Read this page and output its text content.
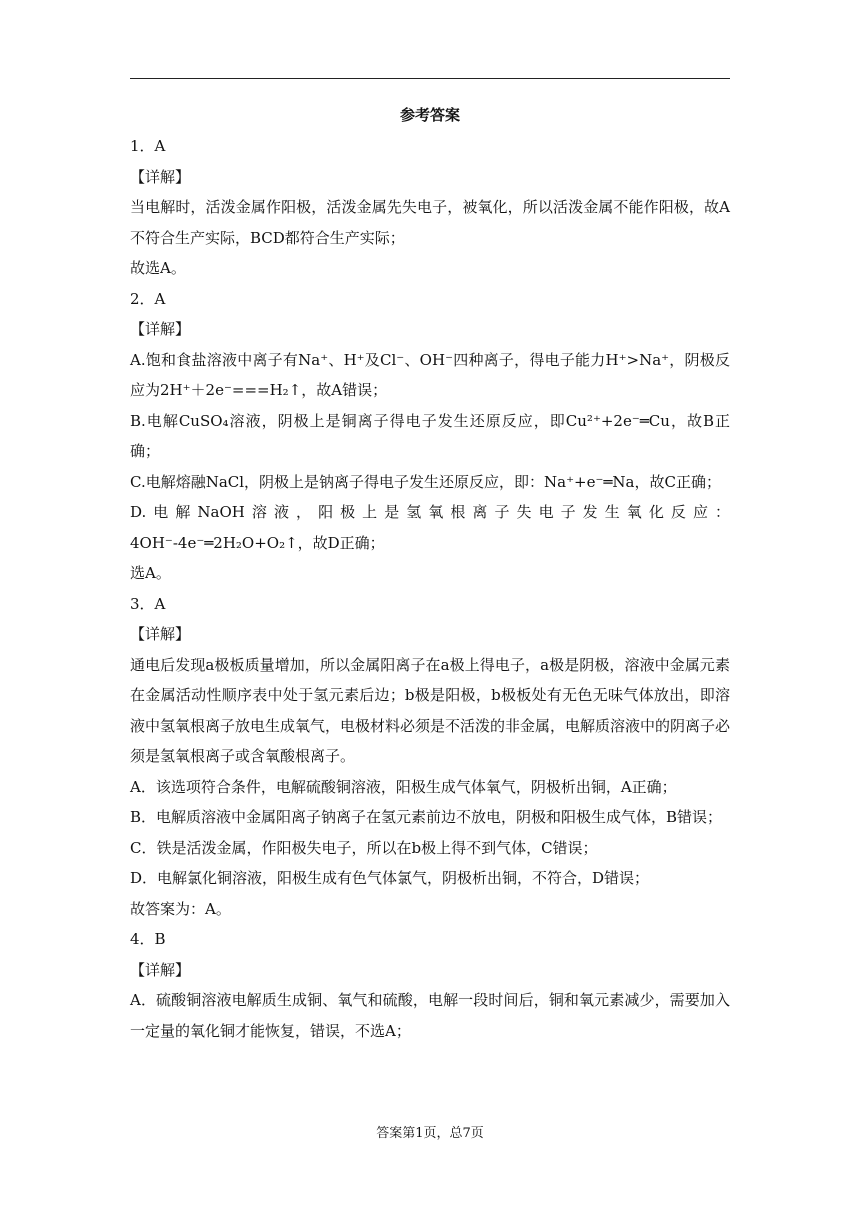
参考答案

1．A

【详解】

当电解时，活泼金属作阳极，活泼金属先失电子，被氧化，所以活泼金属不能作阳极，故A不符合生产实际，BCD都符合生产实际；

故选A。

2．A

【详解】

A.饱和食盐溶液中离子有Na⁺、H⁺及Cl⁻、OH⁻四种离子，得电子能力H⁺>Na⁺，阴极反应为2H⁺＋2e⁻===H₂↑，故A错误；

B.电解CuSO₄溶液，阴极上是铜离子得电子发生还原反应，即Cu²⁺+2e⁻═Cu，故B正确；

C.电解熔融NaCl，阴极上是钠离子得电子发生还原反应，即：Na⁺+e⁻═Na，故C正确；

D.电解NaOH溶液，阳极上是氢氧根离子失电子发生氧化反应：4OH⁻-4e⁻═2H₂O+O₂↑，故D正确；

选A。

3．A

【详解】

通电后发现a极板质量增加，所以金属阳离子在a极上得电子，a极是阴极，溶液中金属元素在金属活动性顺序表中处于氢元素后边；b极是阳极，b极板处有无色无味气体放出，即溶液中氢氧根离子放电生成氧气，电极材料必须是不活泼的非金属，电解质溶液中的阴离子必须是氢氧根离子或含氧酸根离子。

A．该选项符合条件，电解硫酸铜溶液，阳极生成气体氧气，阴极析出铜，A正确；

B．电解质溶液中金属阳离子钠离子在氢元素前边不放电，阴极和阳极生成气体，B错误；

C．铁是活泼金属，作阳极失电子，所以在b极上得不到气体，C错误；

D．电解氯化铜溶液，阳极生成有色气体氯气，阴极析出铜，不符合，D错误；

故答案为：A。

4．B

【详解】

A．硫酸铜溶液电解质生成铜、氧气和硫酸，电解一段时间后，铜和氧元素减少，需要加入一定量的氧化铜才能恢复，错误，不选A；

答案第1页，总7页
